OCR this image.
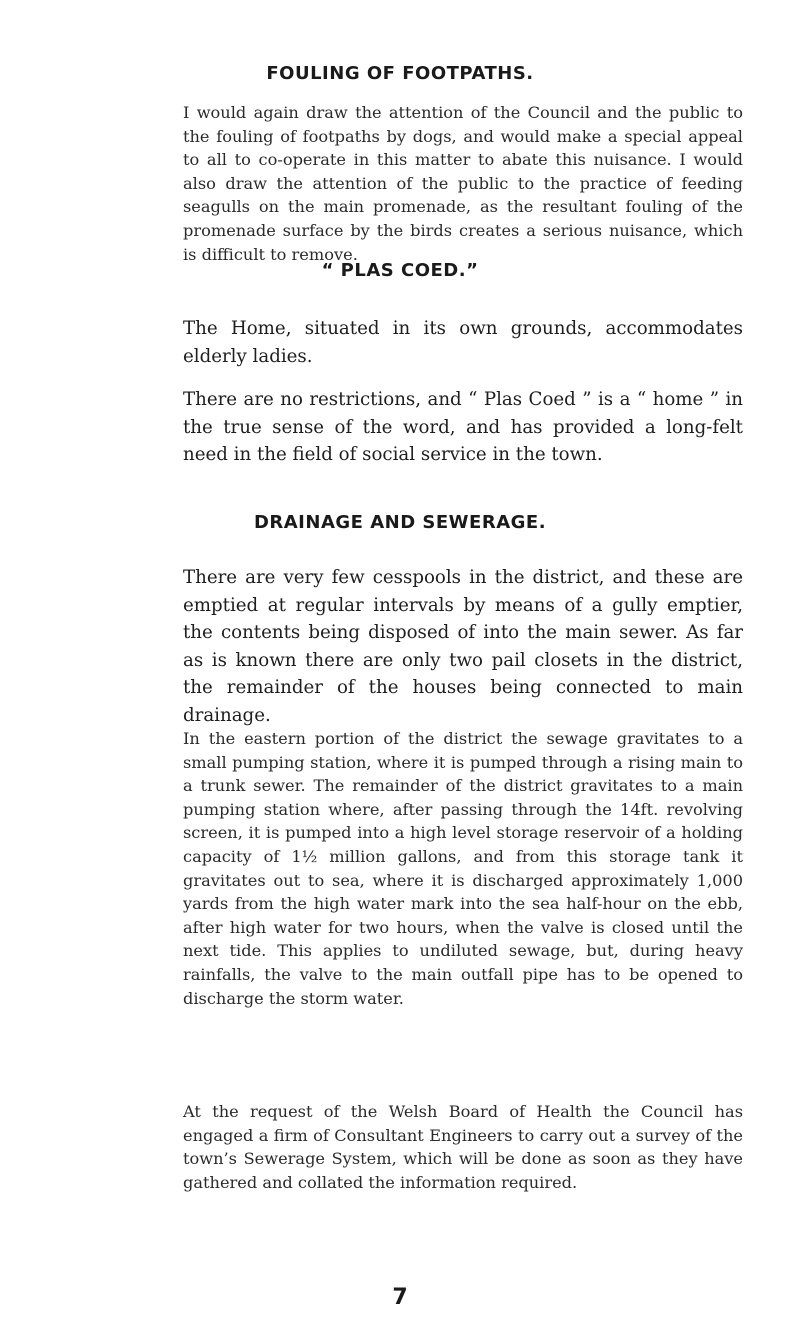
FOULING OF FOOTPATHS.

I would again draw the attention of the Council and the public to the fouling of footpaths by dogs, and would make a special appeal to all to co-operate in this matter to abate this nuisance. I would also draw the attention of the public to the practice of feeding seagulls on the main promenade, as the resultant fouling of the promenade surface by the birds creates a serious nuisance, which is difficult to remove.

“ PLAS COED.”

The Home, situated in its own grounds, accommodates elderly ladies.

There are no restrictions, and “ Plas Coed ” is a “ home ” in the true sense of the word, and has provided a long-felt need in the field of social service in the town.

DRAINAGE AND SEWERAGE.

There are very few cesspools in the district, and these are emptied at regular intervals by means of a gully emptier, the contents being disposed of into the main sewer. As far as is known there are only two pail closets in the district, the remainder of the houses being connected to main drainage.

In the eastern portion of the district the sewage gravitates to a small pumping station, where it is pumped through a rising main to a trunk sewer. The remainder of the district gravitates to a main pumping station where, after passing through the 14ft. revolving screen, it is pumped into a high level storage reservoir of a holding capacity of 1½ million gallons, and from this storage tank it gravitates out to sea, where it is discharged approximately 1,000 yards from the high water mark into the sea half-hour on the ebb, after high water for two hours, when the valve is closed until the next tide. This applies to undiluted sewage, but, during heavy rainfalls, the valve to the main outfall pipe has to be opened to discharge the storm water.

At the request of the Welsh Board of Health the Council has engaged a firm of Consultant Engineers to carry out a survey of the town’s Sewerage System, which will be done as soon as they have gathered and collated the information required.

7
